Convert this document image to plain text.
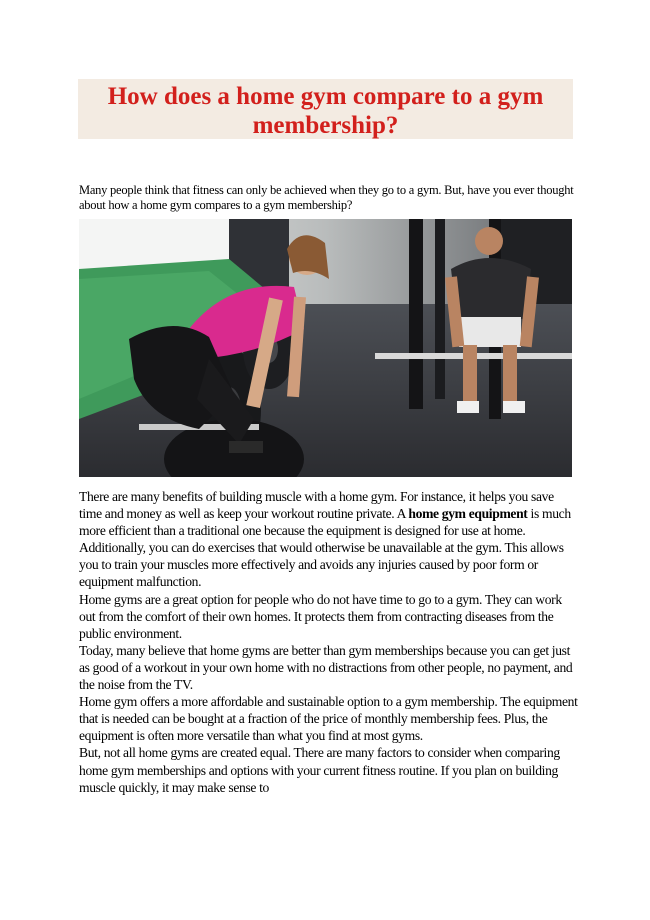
How does a home gym compare to a gym membership?

Many people think that fitness can only be achieved when they go to a gym. But, have you ever thought about how a home gym compares to a gym membership?

There are many benefits of building muscle with a home gym. For instance, it helps you save time and money as well as keep your workout routine private. A home gym equipment is much more efficient than a traditional one because the equipment is designed for use at home. Additionally, you can do exercises that would otherwise be unavailable at the gym. This allows you to train your muscles more effectively and avoids any injuries caused by poor form or equipment malfunction.

Home gyms are a great option for people who do not have time to go to a gym. They can work out from the comfort of their own homes. It protects them from contracting diseases from the public environment.

Today, many believe that home gyms are better than gym memberships because you can get just as good of a workout in your own home with no distractions from other people, no payment, and the noise from the TV.

Home gym offers a more affordable and sustainable option to a gym membership. The equipment that is needed can be bought at a fraction of the price of monthly membership fees. Plus, the equipment is often more versatile than what you find at most gyms.

But, not all home gyms are created equal. There are many factors to consider when comparing home gym memberships and options with your current fitness routine. If you plan on building muscle quickly, it may make sense to
